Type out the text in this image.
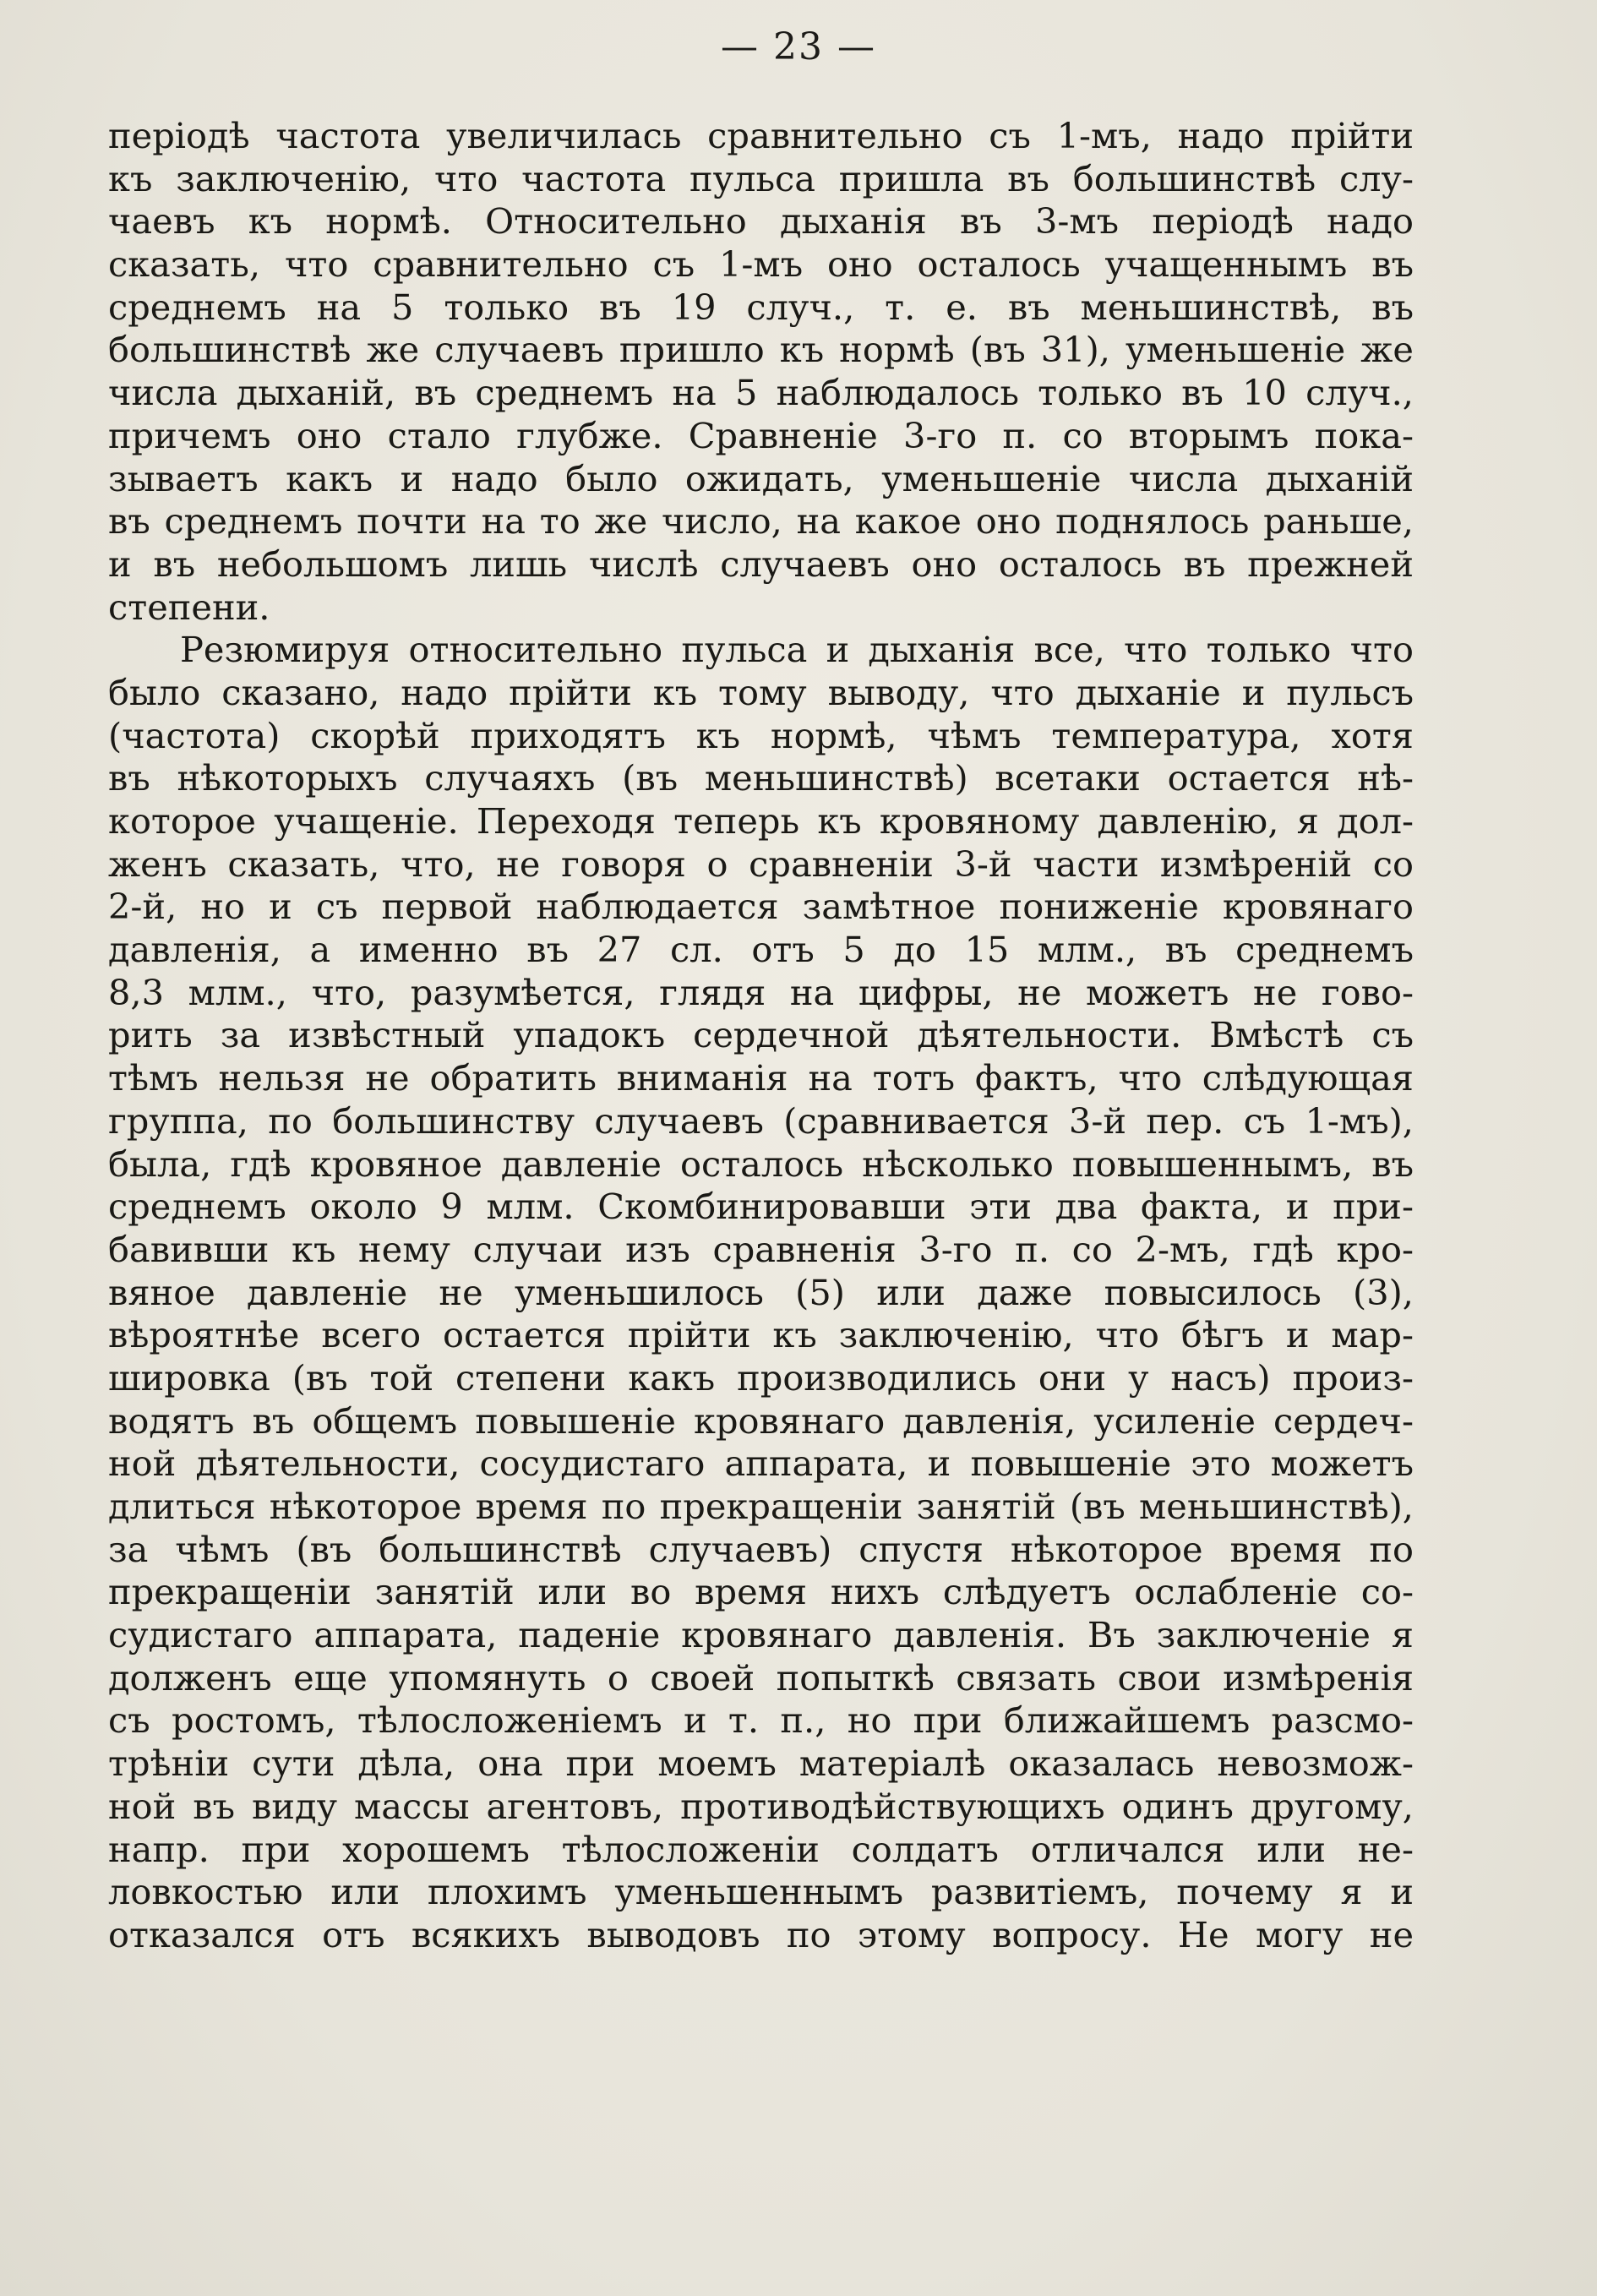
— 23 —
періодѣ частота увеличилась сравнительно съ 1-мъ, надо прійти
къ заключенію, что частота пульса пришла въ большинствѣ слу-
чаевъ къ нормѣ. Относительно дыханія въ 3-мъ періодѣ надо
сказать, что сравнительно съ 1-мъ оно осталось учащеннымъ въ
среднемъ на 5 только въ 19 случ., т. е. въ меньшинствѣ, въ
большинствѣ же случаевъ пришло къ нормѣ (въ 31), уменьшеніе же
числа дыханій, въ среднемъ на 5 наблюдалось только въ 10 случ.,
причемъ оно стало глубже. Сравненіе 3-го п. со вторымъ пока-
зываетъ какъ и надо было ожидать, уменьшеніе числа дыханій
въ среднемъ почти на то же число, на какое оно поднялось раньше,
и въ небольшомъ лишь числѣ случаевъ оно осталось въ прежней
степени.
Резюмируя относительно пульса и дыханія все, что только что
было сказано, надо прійти къ тому выводу, что дыханіе и пульсъ
(частота) скорѣй приходятъ къ нормѣ, чѣмъ температура, хотя
въ нѣкоторыхъ случаяхъ (въ меньшинствѣ) всетаки остается нѣ-
которое учащеніе. Переходя теперь къ кровяному давленію, я дол-
женъ сказать, что, не говоря о сравненіи 3-й части измѣреній со
2-й, но и съ первой наблюдается замѣтное пониженіе кровянаго
давленія, а именно въ 27 сл. отъ 5 до 15 млм., въ среднемъ
8,3 млм., что, разумѣется, глядя на цифры, не можетъ не гово-
рить за извѣстный упадокъ сердечной дѣятельности. Вмѣстѣ съ
тѣмъ нельзя не обратить вниманія на тотъ фактъ, что слѣдующая
группа, по большинству случаевъ (сравнивается 3-й пер. съ 1-мъ),
была, гдѣ кровяное давленіе осталось нѣсколько повышеннымъ, въ
среднемъ около 9 млм. Скомбинировавши эти два факта, и при-
бавивши къ нему случаи изъ сравненія 3-го п. со 2-мъ, гдѣ кро-
вяное давленіе не уменьшилось (5) или даже повысилось (3),
вѣроятнѣе всего остается прійти къ заключенію, что бѣгъ и мар-
шировка (въ той степени какъ производились они у насъ) произ-
водятъ въ общемъ повышеніе кровянаго давленія, усиленіе сердеч-
ной дѣятельности, сосудистаго аппарата, и повышеніе это можетъ
длиться нѣкоторое время по прекращеніи занятій (въ меньшинствѣ),
за чѣмъ (въ большинствѣ случаевъ) спустя нѣкоторое время по
прекращеніи занятій или во время нихъ слѣдуетъ ослабленіе со-
судистаго аппарата, паденіе кровянаго давленія. Въ заключеніе я
долженъ еще упомянуть о своей попыткѣ связать свои измѣренія
съ ростомъ, тѣлосложеніемъ и т. п., но при ближайшемъ разсмо-
трѣніи сути дѣла, она при моемъ матеріалѣ оказалась невозмож-
ной въ виду массы агентовъ, противодѣйствующихъ одинъ другому,
напр. при хорошемъ тѣлосложеніи солдатъ отличался или не-
ловкостью или плохимъ уменьшеннымъ развитіемъ, почему я и
отказался отъ всякихъ выводовъ по этому вопросу. Не могу не
